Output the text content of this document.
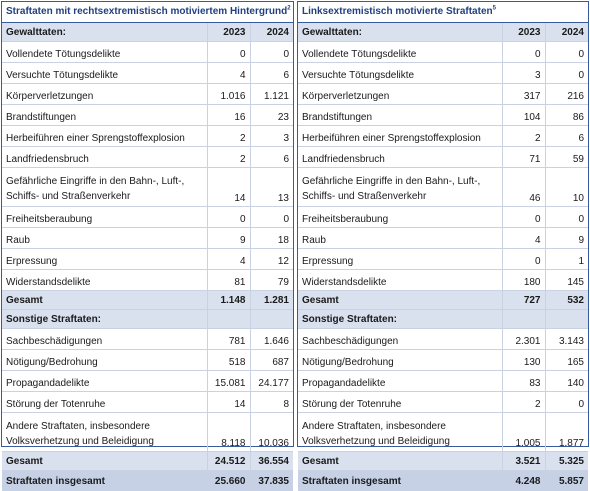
Straftaten mit rechtsextremistisch motiviertem Hintergrund$^2$
Gewalttaten:	2023	2024
Vollendete Tötungsdelikte	0	0
Versuchte Tötungsdelikte	4	6
Körperverletzungen	1.016	1.121
Brandstiftungen	16	23
Herbeiführen einer Sprengstoffexplosion	2	3
Landfriedensbruch	2	6
Gefährliche Eingriffe in den Bahn-, Luft-, Schiffs- und Straßenverkehr	14	13
Freiheitsberaubung	0	0
Raub	9	18
Erpressung	4	12
Widerstandsdelikte	81	79
Gesamt	1.148	1.281
Sonstige Straftaten:		
Sachbeschädigungen	781	1.646
Nötigung/Bedrohung	518	687
Propagandadelikte	15.081	24.177
Störung der Totenruhe	14	8
Andere Straftaten, insbesondere Volksverhetzung und Beleidigung	8.118	10.036
Gesamt	24.512	36.554
Straftaten insgesamt	25.660	37.835
Linksextremistisch motivierte Straftaten$^5$
Gewalttaten:	2023	2024
Vollendete Tötungsdelikte	0	0
Versuchte Tötungsdelikte	3	0
Körperverletzungen	317	216
Brandstiftungen	104	86
Herbeiführen einer Sprengstoffexplosion	2	6
Landfriedensbruch	71	59
Gefährliche Eingriffe in den Bahn-, Luft-, Schiffs- und Straßenverkehr	46	10
Freiheitsberaubung	0	0
Raub	4	9
Erpressung	0	1
Widerstandsdelikte	180	145
Gesamt	727	532
Sonstige Straftaten:		
Sachbeschädigungen	2.301	3.143
Nötigung/Bedrohung	130	165
Propagandadelikte	83	140
Störung der Totenruhe	2	0
Andere Straftaten, insbesondere Volksverhetzung und Beleidigung	1.005	1.877
Gesamt	3.521	5.325
Straftaten insgesamt	4.248	5.857
